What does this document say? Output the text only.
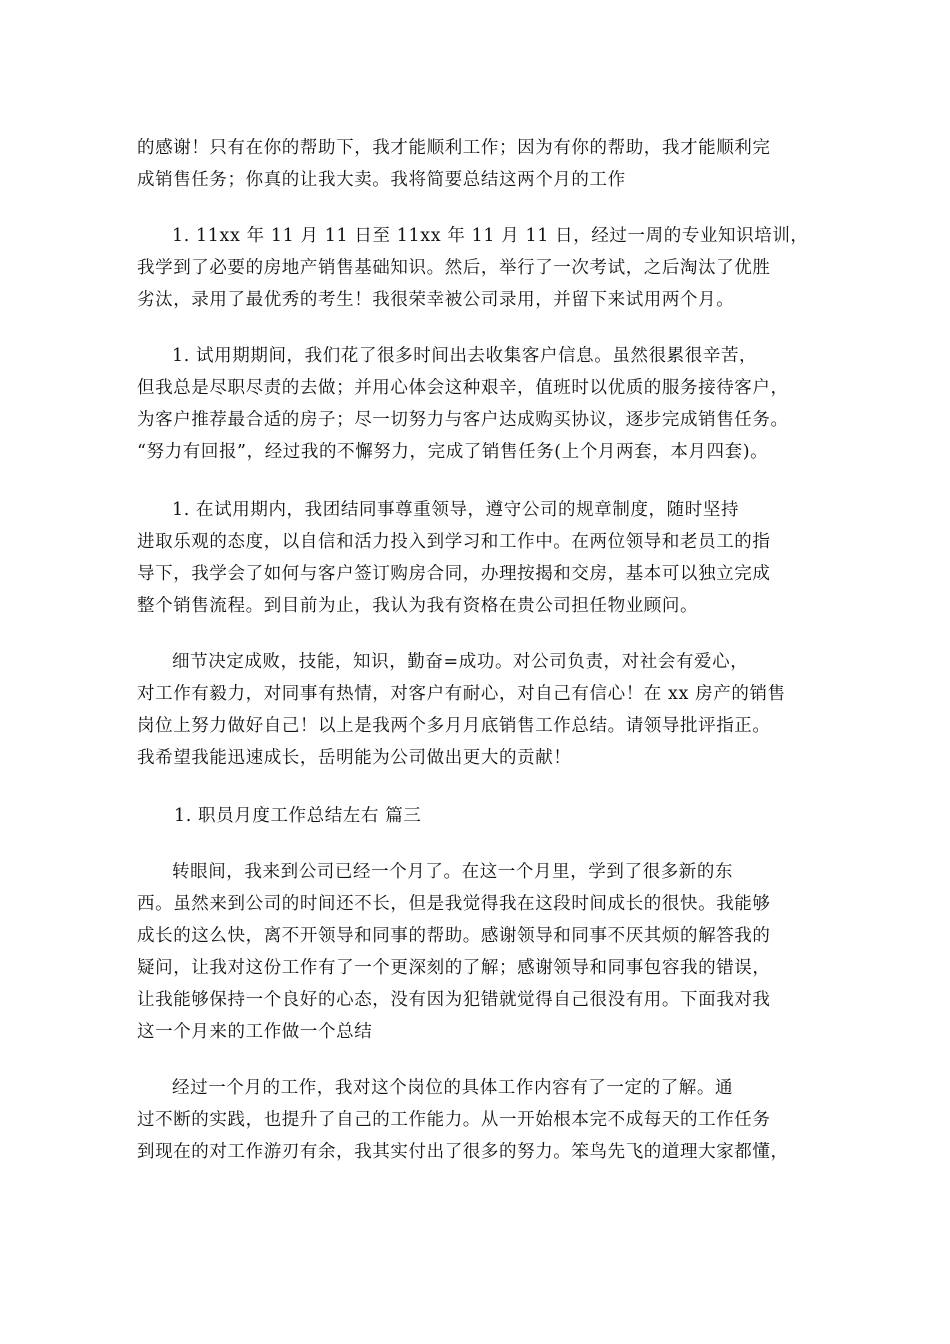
的感谢！只有在你的帮助下，我才能顺利工作；因为有你的帮助，我才能顺利完
成销售任务；你真的让我大卖。我将简要总结这两个月的工作

1. 11xx 年 11 月 11 日至 11xx 年 11 月 11 日，经过一周的专业知识培训，
我学到了必要的房地产销售基础知识。然后，举行了一次考试，之后淘汰了优胜
劣汰，录用了最优秀的考生！我很荣幸被公司录用，并留下来试用两个月。

1. 试用期期间，我们花了很多时间出去收集客户信息。虽然很累很辛苦，
但我总是尽职尽责的去做；并用心体会这种艰辛，值班时以优质的服务接待客户，
为客户推荐最合适的房子；尽一切努力与客户达成购买协议，逐步完成销售任务。
“努力有回报”，经过我的不懈努力，完成了销售任务(上个月两套，本月四套)。

1. 在试用期内，我团结同事尊重领导，遵守公司的规章制度，随时坚持
进取乐观的态度，以自信和活力投入到学习和工作中。在两位领导和老员工的指
导下，我学会了如何与客户签订购房合同，办理按揭和交房，基本可以独立完成
整个销售流程。到目前为止，我认为我有资格在贵公司担任物业顾问。

细节决定成败，技能，知识，勤奋=成功。对公司负责，对社会有爱心，
对工作有毅力，对同事有热情，对客户有耐心，对自己有信心！在 xx 房产的销售
岗位上努力做好自己！以上是我两个多月月底销售工作总结。请领导批评指正。
我希望我能迅速成长，岳明能为公司做出更大的贡献！

1. 职员月度工作总结左右 篇三

转眼间，我来到公司已经一个月了。在这一个月里，学到了很多新的东
西。虽然来到公司的时间还不长，但是我觉得我在这段时间成长的很快。我能够
成长的这么快，离不开领导和同事的帮助。感谢领导和同事不厌其烦的解答我的
疑问，让我对这份工作有了一个更深刻的了解；感谢领导和同事包容我的错误，
让我能够保持一个良好的心态，没有因为犯错就觉得自己很没有用。下面我对我
这一个月来的工作做一个总结

经过一个月的工作，我对这个岗位的具体工作内容有了一定的了解。通
过不断的实践，也提升了自己的工作能力。从一开始根本完不成每天的工作任务
到现在的对工作游刃有余，我其实付出了很多的努力。笨鸟先飞的道理大家都懂，
